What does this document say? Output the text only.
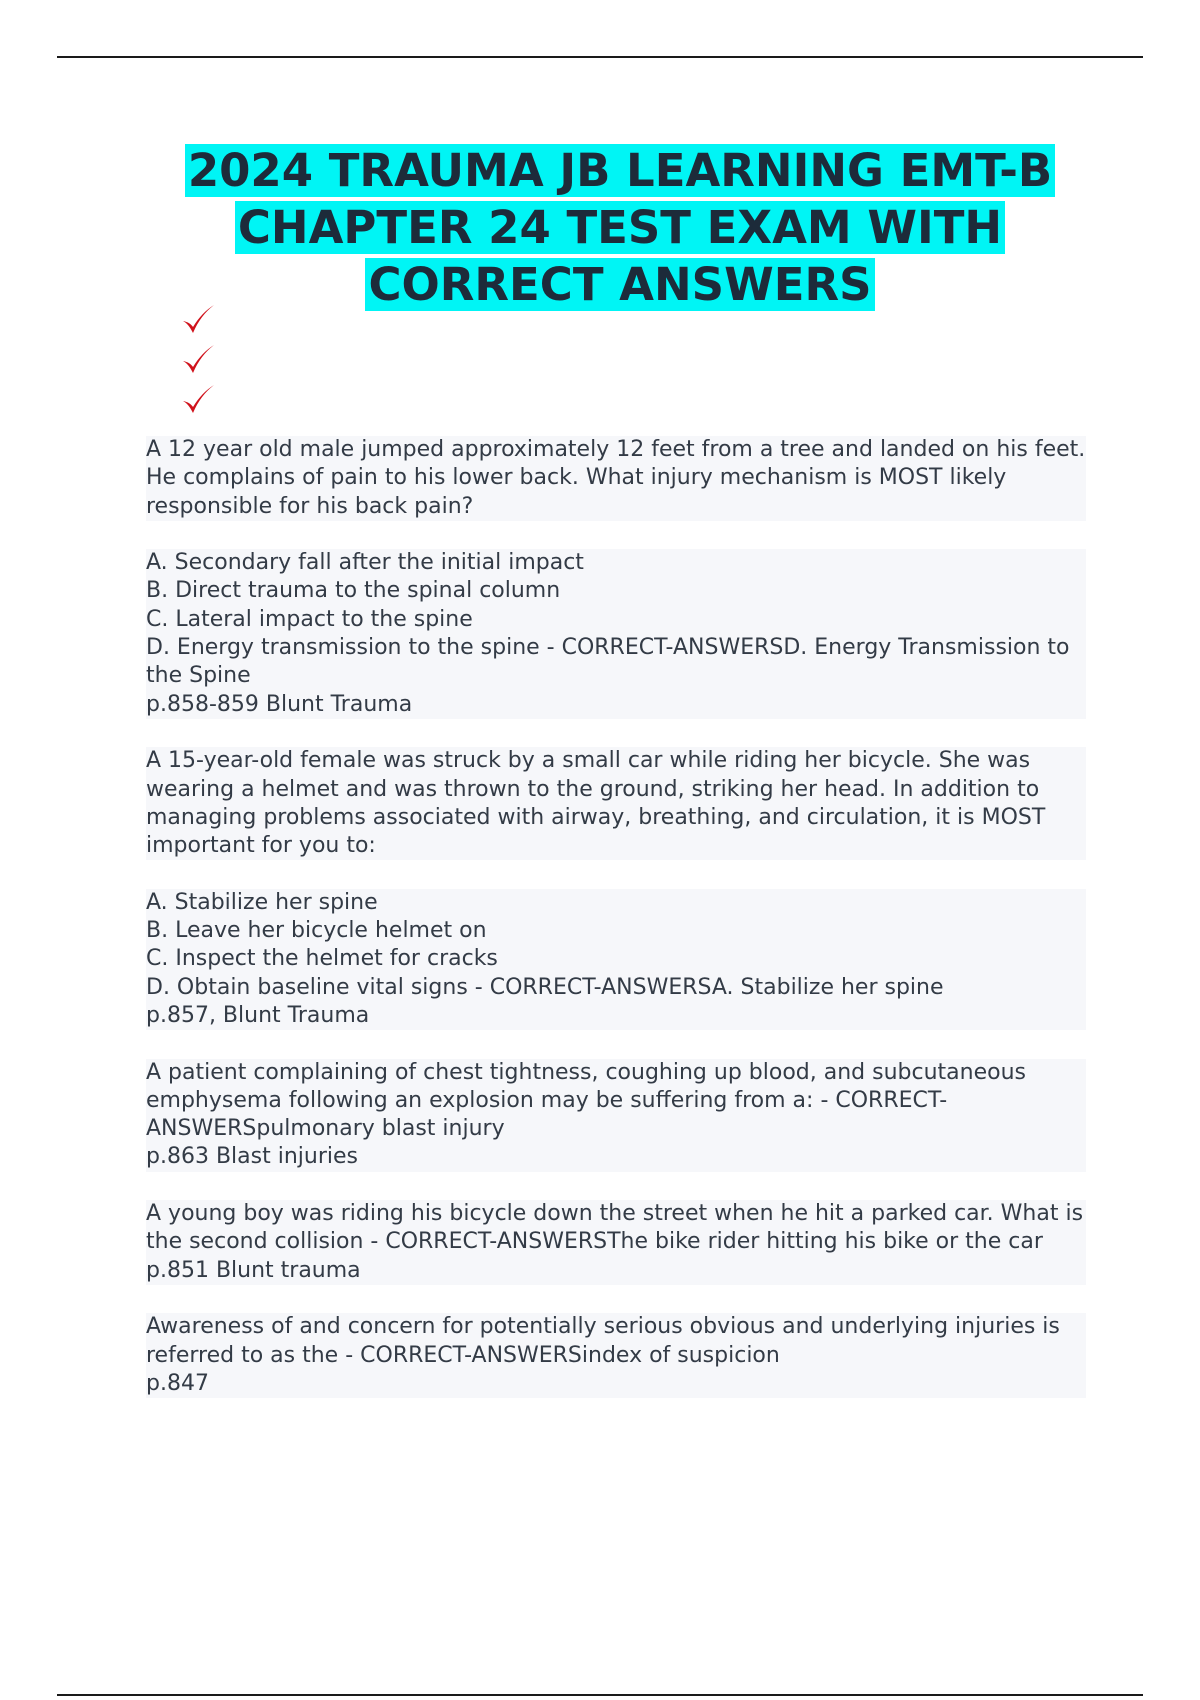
2024 TRAUMA JB LEARNING EMT-B
CHAPTER 24 TEST EXAM WITH
CORRECT ANSWERS
A 12 year old male jumped approximately 12 feet from a tree and landed on his feet. He complains of pain to his lower back. What injury mechanism is MOST likely responsible for his back pain?

A. Secondary fall after the initial impact
B. Direct trauma to the spinal column
C. Lateral impact to the spine
D. Energy transmission to the spine - CORRECT-ANSWERSD. Energy Transmission to the Spine
p.858-859 Blunt Trauma
A 15-year-old female was struck by a small car while riding her bicycle. She was wearing a helmet and was thrown to the ground, striking her head. In addition to managing problems associated with airway, breathing, and circulation, it is MOST important for you to:

A. Stabilize her spine
B. Leave her bicycle helmet on
C. Inspect the helmet for cracks
D. Obtain baseline vital signs - CORRECT-ANSWERSA. Stabilize her spine
p.857, Blunt Trauma
A patient complaining of chest tightness, coughing up blood, and subcutaneous emphysema following an explosion may be suffering from a: - CORRECT-ANSWERSpulmonary blast injury
p.863 Blast injuries
A young boy was riding his bicycle down the street when he hit a parked car. What is the second collision - CORRECT-ANSWERSThe bike rider hitting his bike or the car
p.851 Blunt trauma
Awareness of and concern for potentially serious obvious and underlying injuries is referred to as the - CORRECT-ANSWERSindex of suspicion
p.847
